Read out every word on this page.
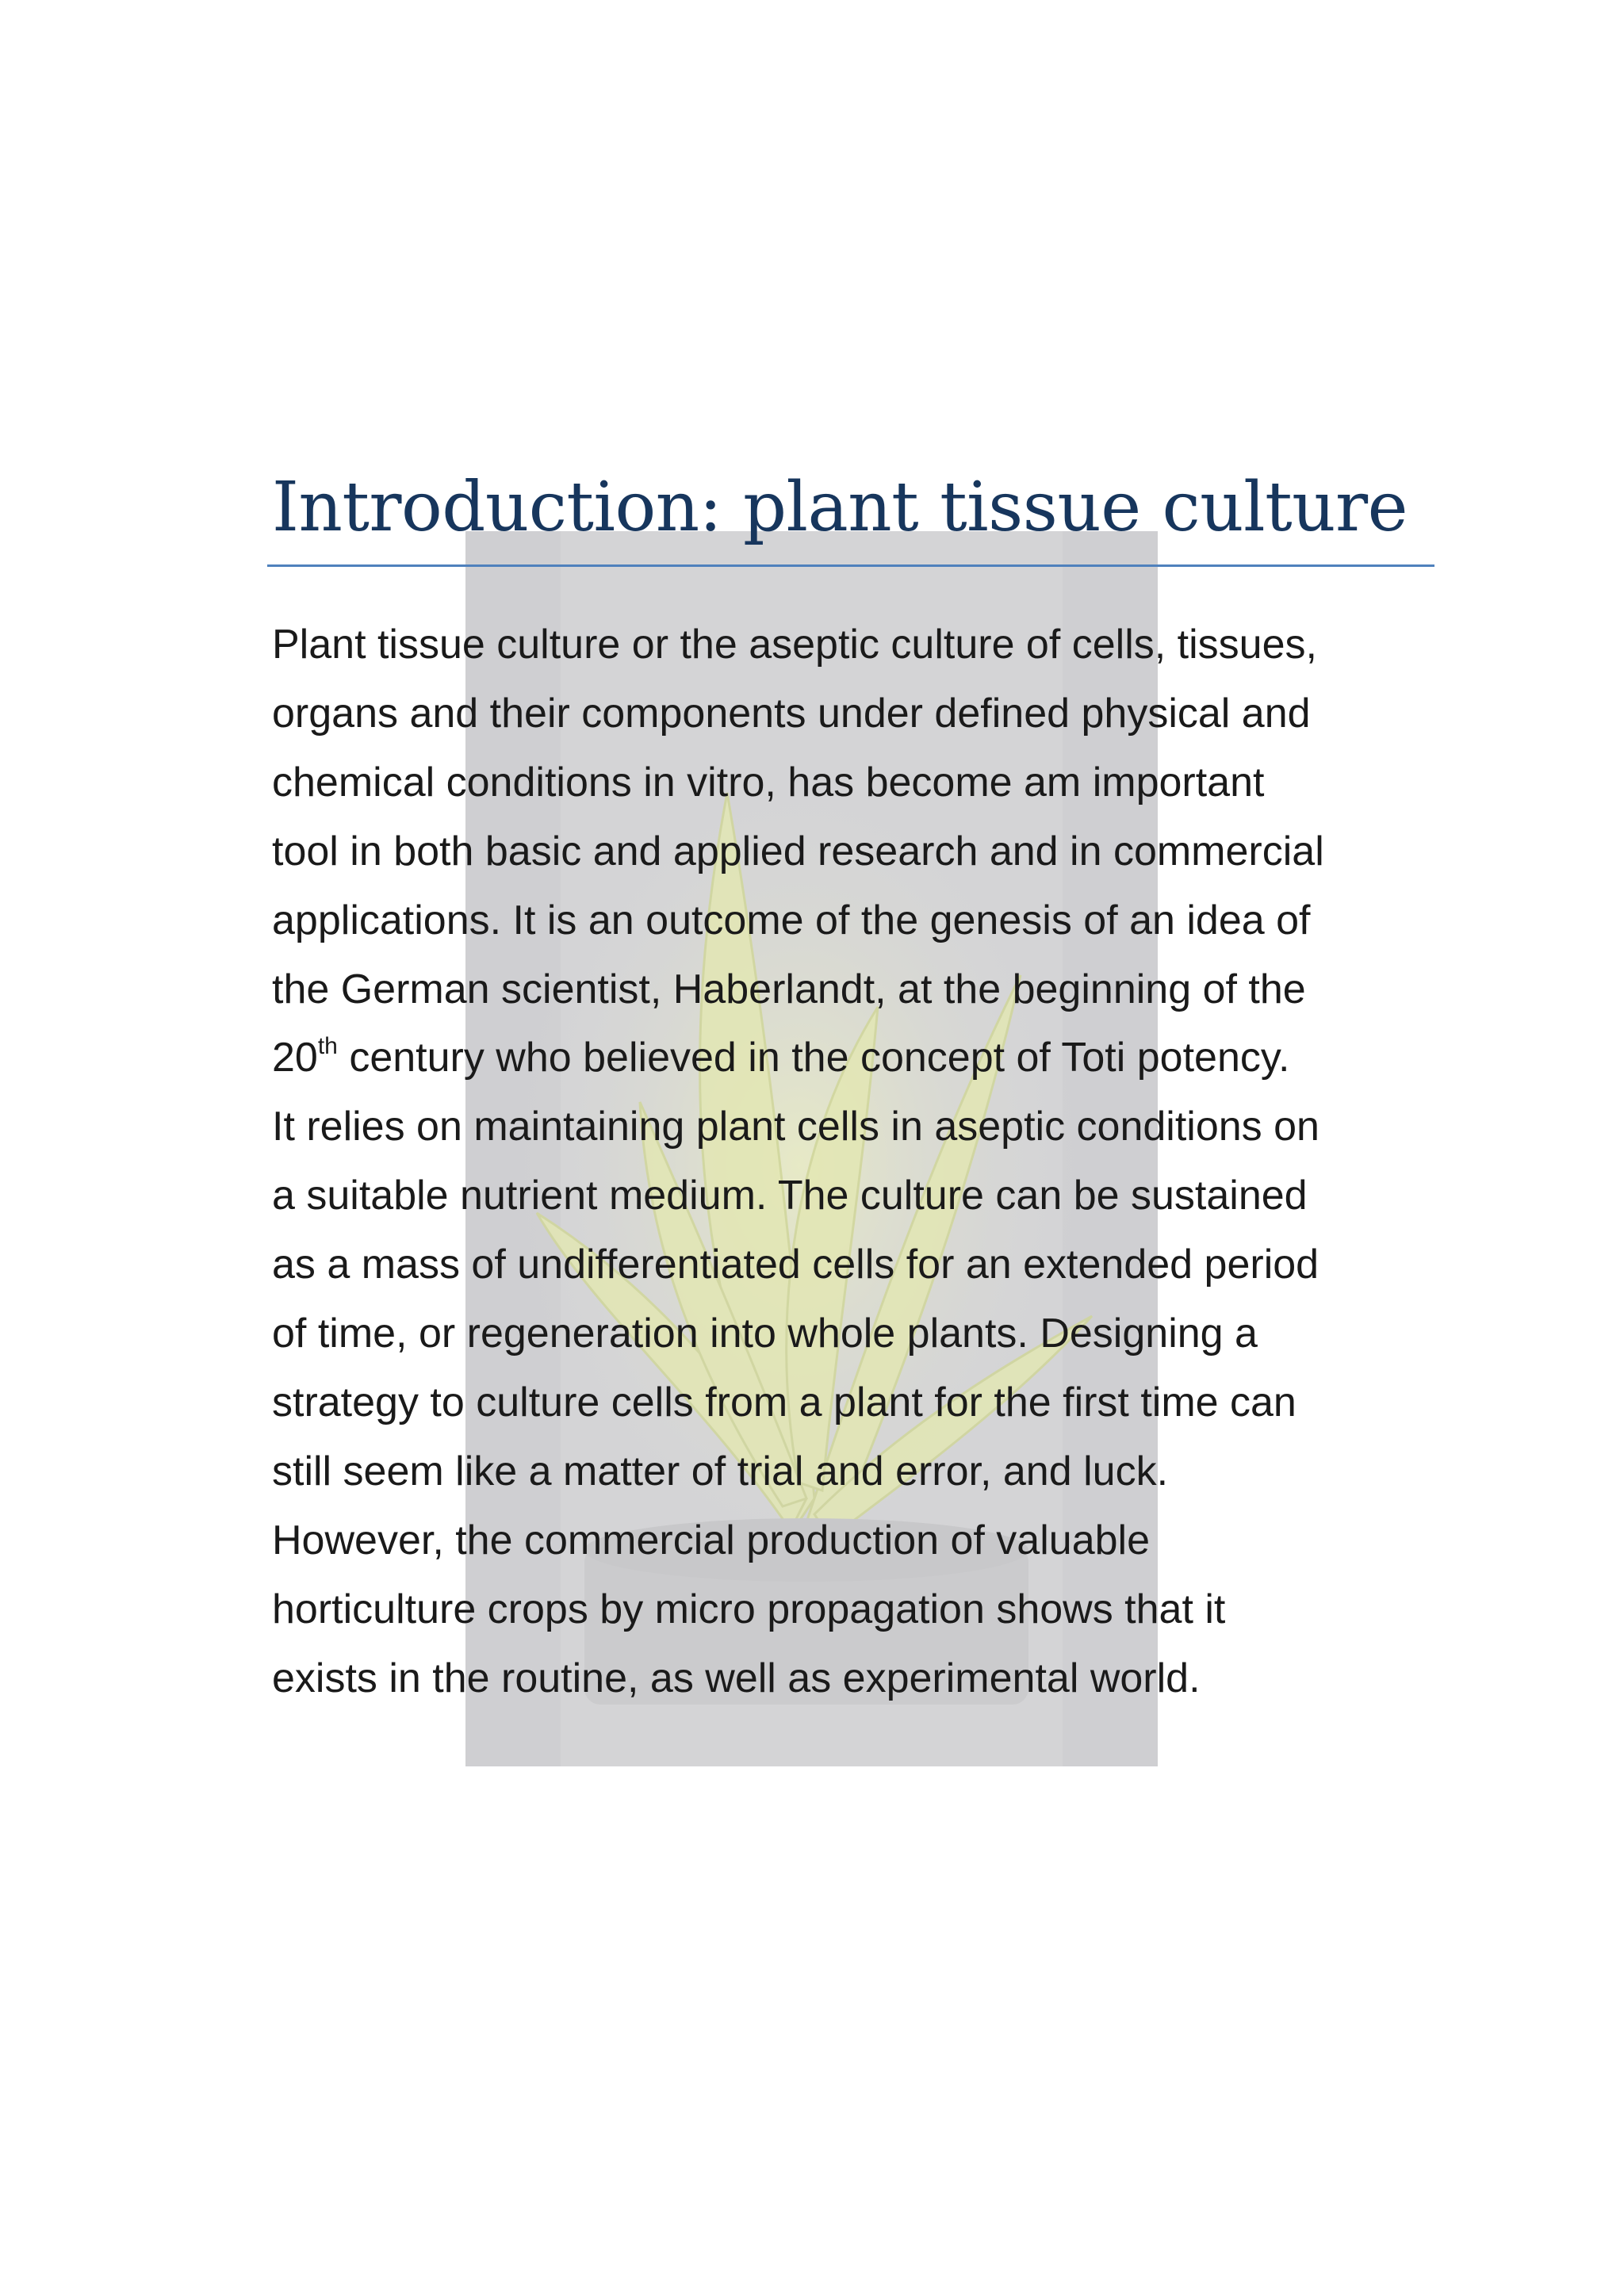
Introduction: plant tissue culture

Plant tissue culture or the aseptic culture of cells, tissues,
organs and their components under defined physical and
chemical conditions in vitro, has become am important
tool in both basic and applied research and in commercial
applications. It is an outcome of the genesis of an idea of
the German scientist, Haberlandt, at the beginning of the
20th century who believed in the concept of Toti potency.
It relies on maintaining plant cells in aseptic conditions on
a suitable nutrient medium. The culture can be sustained
as a mass of undifferentiated cells for an extended period
of time, or regeneration into whole plants. Designing a
strategy to culture cells from a plant for the first time can
still seem like a matter of trial and error, and luck.
However, the commercial production of valuable
horticulture crops by micro propagation shows that it
exists in the routine, as well as experimental world.
